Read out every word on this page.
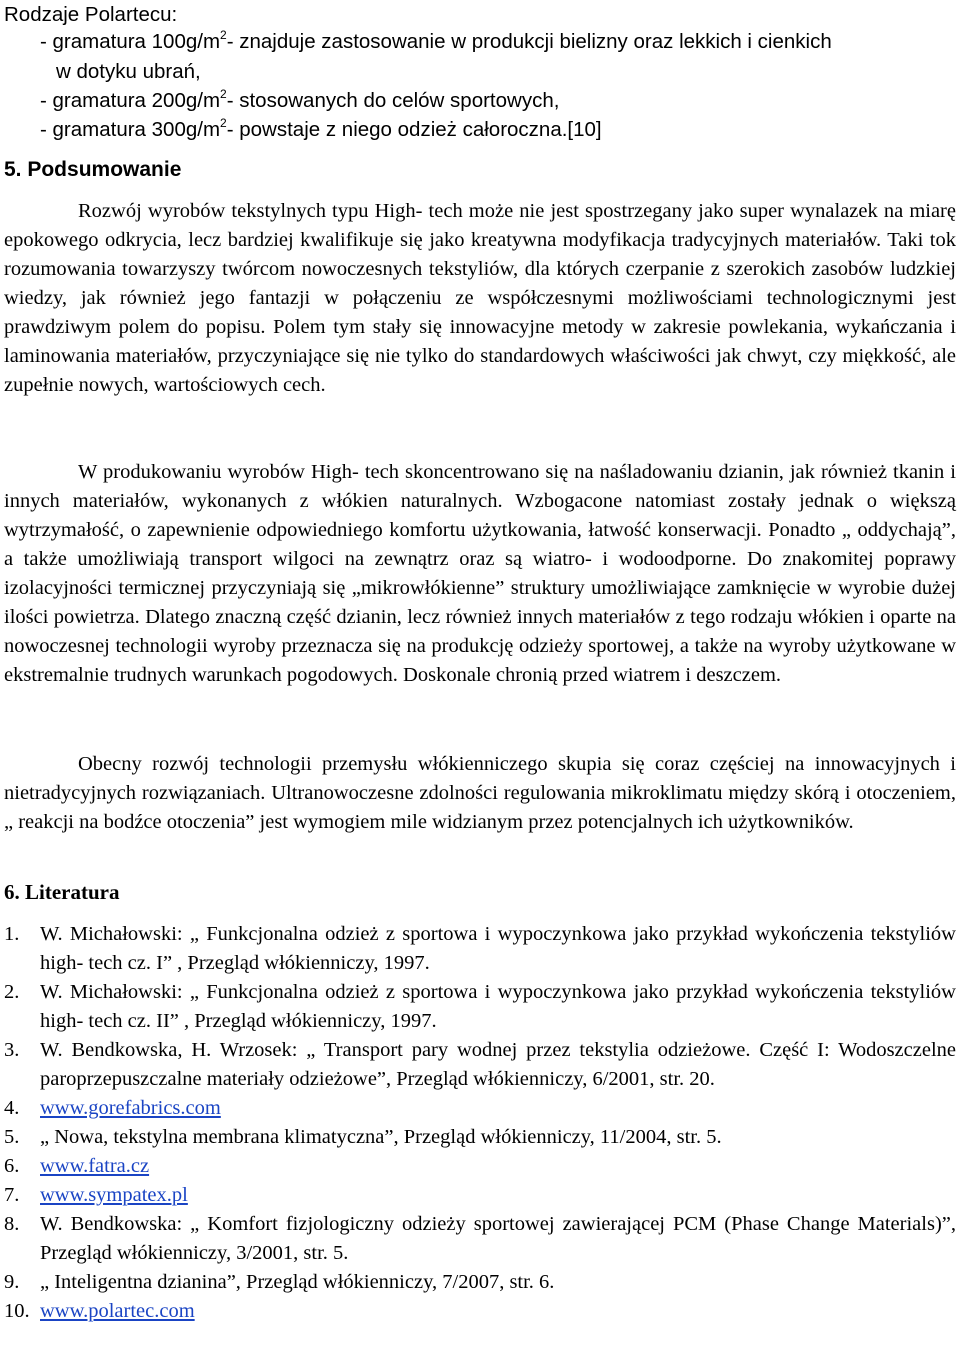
Rodzaje Polartecu:
- gramatura $100g/m^2-$ znajduje zastosowanie w produkcji bielizny oraz lekkich i cienkich
w dotyku ubrań,
- gramatura $200g/m^2-$ stosowanych do celów sportowych,
- gramatura $300g/m^2-$ powstaje z niego odzież całoroczna.[10]
5. Podsumowanie

Rozwój wyrobów tekstylnych typu High- tech może nie jest spostrzegany jako super wynalazek na miarę epokowego odkrycia, lecz bardziej kwalifikuje się jako kreatywna modyfikacja tradycyjnych materiałów. Taki tok rozumowania towarzyszy twórcom nowoczesnych tekstyliów, dla których czerpanie z szerokich zasobów ludzkiej wiedzy, jak również jego fantazji w połączeniu ze współczesnymi możliwościami technologicznymi jest prawdziwym polem do popisu. Polem tym stały się innowacyjne metody w zakresie powlekania, wykańczania i laminowania materiałów, przyczyniające się nie tylko do standardowych właściwości jak chwyt, czy miękkość, ale zupełnie nowych, wartościowych cech.

W produkowaniu wyrobów High- tech skoncentrowano się na naśladowaniu dzianin, jak również tkanin i innych materiałów, wykonanych z włókien naturalnych. Wzbogacone natomiast zostały jednak o większą wytrzymałość, o zapewnienie odpowiedniego komfortu użytkowania, łatwość konserwacji. Ponadto „ oddychają”, a także umożliwiają transport wilgoci na zewnątrz oraz są wiatro- i wodoodporne. Do znakomitej poprawy izolacyjności termicznej przyczyniają się „mikrowłókienne” struktury umożliwiające zamknięcie w wyrobie dużej ilości powietrza. Dlatego znaczną część dzianin, lecz również innych materiałów z tego rodzaju włókien i oparte na nowoczesnej technologii wyroby przeznacza się na produkcję odzieży sportowej, a także na wyroby użytkowane w ekstremalnie trudnych warunkach pogodowych. Doskonale chronią przed wiatrem i deszczem.

Obecny rozwój technologii przemysłu włókienniczego skupia się coraz częściej na innowacyjnych i nietradycyjnych rozwiązaniach. Ultranowoczesne zdolności regulowania mikroklimatu między skórą i otoczeniem, „ reakcji na bodźce otoczenia” jest wymogiem mile widzianym przez potencjalnych ich użytkowników.

6. Literatura
1. W. Michałowski: „ Funkcjonalna odzież z sportowa i wypoczynkowa jako przykład wykończenia tekstyliów high- tech cz. I” , Przegląd włókienniczy, 1997.
2. W. Michałowski: „ Funkcjonalna odzież z sportowa i wypoczynkowa jako przykład wykończenia tekstyliów high- tech cz. II” , Przegląd włókienniczy, 1997.
3. W. Bendkowska, H. Wrzosek: „ Transport pary wodnej przez tekstylia odzieżowe. Część I: Wodoszczelne paroprzepuszczalne materiały odzieżowe”, Przegląd włókienniczy, 6/2001, str. 20.
4. www.gorefabrics.com
5. „ Nowa, tekstylna membrana klimatyczna”, Przegląd włókienniczy, 11/2004, str. 5.
6. www.fatra.cz
7. www.sympatex.pl
8. W. Bendkowska: „ Komfort fizjologiczny odzieży sportowej zawierającej PCM (Phase Change Materials)”, Przegląd włókienniczy, 3/2001, str. 5.
9. „ Inteligentna dzianina”, Przegląd włókienniczy, 7/2007, str. 6.
10. www.polartec.com
